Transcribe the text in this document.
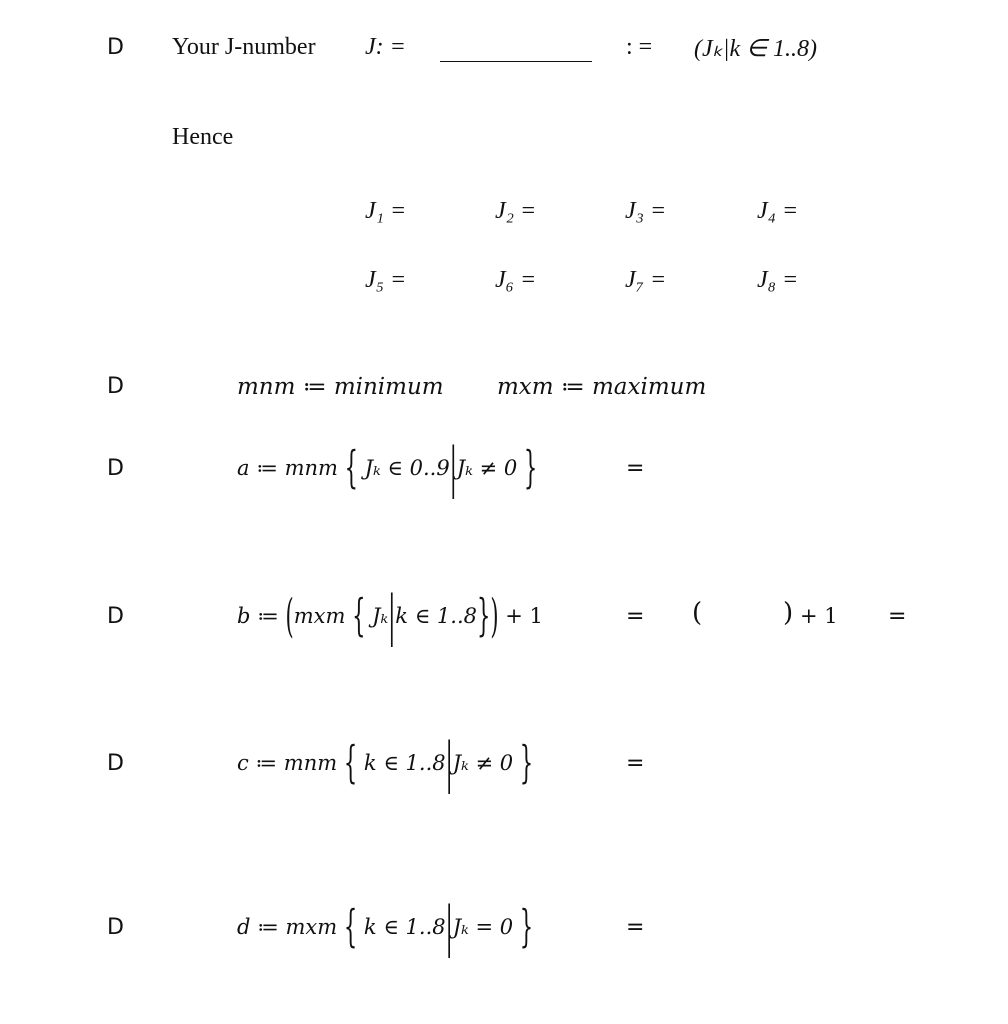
D
D
D
D
D
D
Your J-number J: =	: = (Jₖ|k ∈ 1..8)
Hence
J₁ =	J₂ =	J₃ =	J₄ =
J₅ =	J₆ =	J₇ =	J₈ =
mnm ≔ minimum mxm ≔ maximum
a ≔ mnm { Jₖ ∈ 0..9|Jₖ ≠ 0 }	=
b ≔ (mxm { Jₖ|k ∈ 1..8}) + 1	= (	) + 1 =
c ≔ mnm { k ∈ 1..8|Jₖ ≠ 0 }	=
d ≔ mxm { k ∈ 1..8|Jₖ = 0 }	=
